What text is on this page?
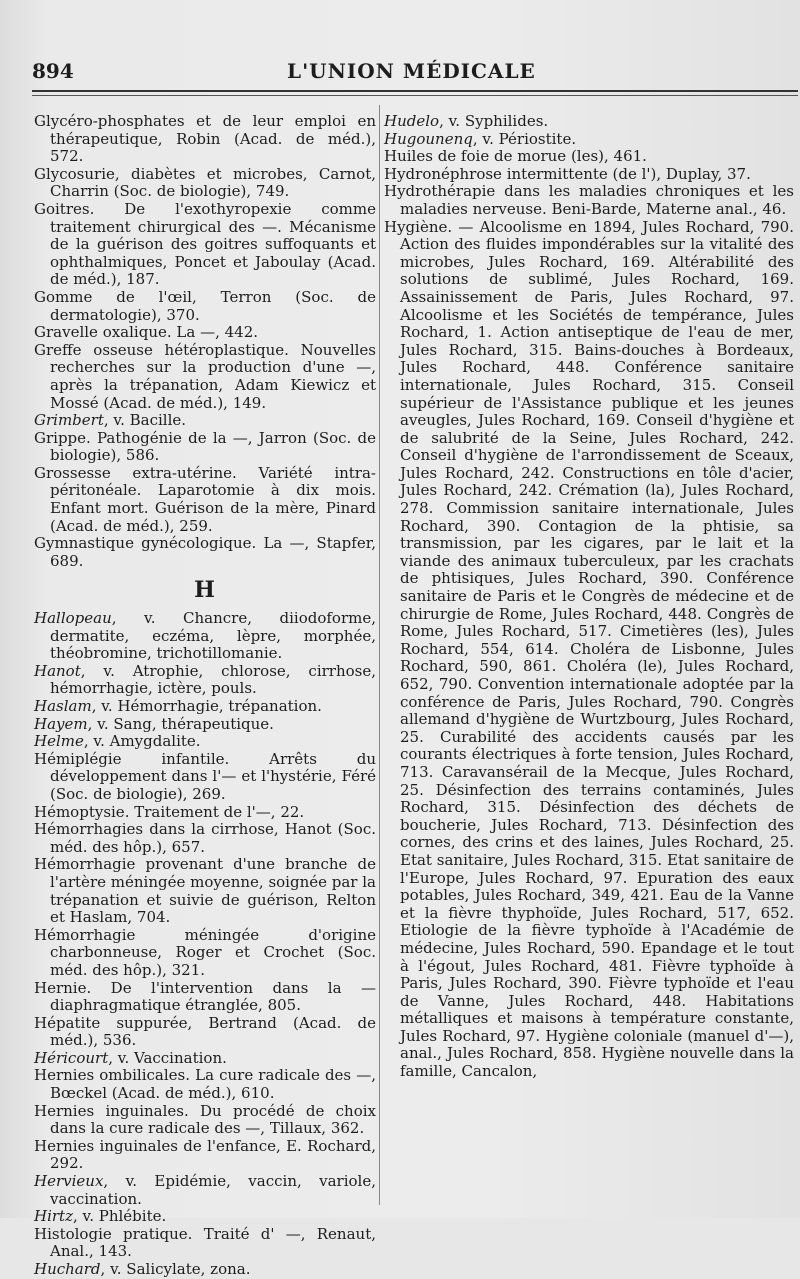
894	L'UNION MÉDICALE

Glycéro-phosphates et de leur emploi en thérapeutique, Robin (Acad. de méd.), 572.

Glycosurie, diabètes et microbes, Carnot, Charrin (Soc. de biologie), 749.

Goitres. De l'exothyropexie comme traitement chirurgical des —. Mécanisme de la guérison des goitres suffoquants et ophthalmiques, Poncet et Jaboulay (Acad. de méd.), 187.

Gomme de l'œil, Terron (Soc. de dermatologie), 370.

Gravelle oxalique. La —, 442.

Greffe osseuse hétéroplastique. Nouvelles recherches sur la production d'une —, après la trépanation, Adam Kiewicz et Mossé (Acad. de méd.), 149.

Grimbert, v. Bacille.

Grippe. Pathogénie de la —, Jarron (Soc. de biologie), 586.

Grossesse extra-utérine. Variété intra-péritonéale. Laparotomie à dix mois. Enfant mort. Guérison de la mère, Pinard (Acad. de méd.), 259.

Gymnastique gynécologique. La —, Stapfer, 689.

H

Hallopeau, v. Chancre, diiodoforme, dermatite, eczéma, lèpre, morphée, théobromine, trichotillomanie.

Hanot, v. Atrophie, chlorose, cirrhose, hémorrhagie, ictère, pouls.

Haslam, v. Hémorrhagie, trépanation.

Hayem, v. Sang, thérapeutique.

Helme, v. Amygdalite.

Hémiplégie infantile. Arrêts du développement dans l'— et l'hystérie, Féré (Soc. de biologie), 269.

Hémoptysie. Traitement de l'—, 22.

Hémorrhagies dans la cirrhose, Hanot (Soc. méd. des hôp.), 657.

Hémorrhagie provenant d'une branche de l'artère méningée moyenne, soignée par la trépanation et suivie de guérison, Relton et Haslam, 704.

Hémorrhagie méningée d'origine charbonneuse, Roger et Crochet (Soc. méd. des hôp.), 321.

Hernie. De l'intervention dans la — diaphragmatique étranglée, 805.

Hépatite suppurée, Bertrand (Acad. de méd.), 536.

Héricourt, v. Vaccination.

Hernies ombilicales. La cure radicale des —, Bœckel (Acad. de méd.), 610.

Hernies inguinales. Du procédé de choix dans la cure radicale des —, Tillaux, 362.

Hernies inguinales de l'enfance, E. Rochard, 292.

Hervieux, v. Epidémie, vaccin, variole, vaccination.

Hirtz, v. Phlébite.

Histologie pratique. Traité d' —, Renaut, Anal., 143.

Huchard, v. Salicylate, zona.

Hudelo, v. Syphilides.

Hugounenq, v. Périostite.

Huiles de foie de morue (les), 461.

Hydronéphrose intermittente (de l'), Duplay, 37.

Hydrothérapie dans les maladies chroniques et les maladies nerveuse. Beni-Barde, Materne anal., 46.

Hygiène. — Alcoolisme en 1894, Jules Rochard, 790. Action des fluides impondérables sur la vitalité des microbes, Jules Rochard, 169. Altérabilité des solutions de sublimé, Jules Rochard, 169. Assainissement de Paris, Jules Rochard, 97. Alcoolisme et les Sociétés de tempérance, Jules Rochard, 1. Action antiseptique de l'eau de mer, Jules Rochard, 315. Bains-douches à Bordeaux, Jules Rochard, 448. Conférence sanitaire internationale, Jules Rochard, 315. Conseil supérieur de l'Assistance publique et les jeunes aveugles, Jules Rochard, 169. Conseil d'hygiène et de salubrité de la Seine, Jules Rochard, 242. Conseil d'hygiène de l'arrondissement de Sceaux, Jules Rochard, 242. Constructions en tôle d'acier, Jules Rochard, 242. Crémation (la), Jules Rochard, 278. Commission sanitaire internationale, Jules Rochard, 390. Contagion de la phtisie, sa transmission, par les cigares, par le lait et la viande des animaux tuberculeux, par les crachats de phtisiques, Jules Rochard, 390. Conférence sanitaire de Paris et le Congrès de médecine et de chirurgie de Rome, Jules Rochard, 448. Congrès de Rome, Jules Rochard, 517. Cimetières (les), Jules Rochard, 554, 614. Choléra de Lisbonne, Jules Rochard, 590, 861. Choléra (le), Jules Rochard, 652, 790. Convention internationale adoptée par la conférence de Paris, Jules Rochard, 790. Congrès allemand d'hygiène de Wurtzbourg, Jules Rochard, 25. Curabilité des accidents causés par les courants électriques à forte tension, Jules Rochard, 713. Caravansérail de la Mecque, Jules Rochard, 25. Désinfection des terrains contaminés, Jules Rochard, 315. Désinfection des déchets de boucherie, Jules Rochard, 713. Désinfection des cornes, des crins et des laines, Jules Rochard, 25. Etat sanitaire, Jules Rochard, 315. Etat sanitaire de l'Europe, Jules Rochard, 97. Epuration des eaux potables, Jules Rochard, 349, 421. Eau de la Vanne et la fièvre thyphoïde, Jules Rochard, 517, 652. Etiologie de la fièvre typhoïde à l'Académie de médecine, Jules Rochard, 590. Epandage et le tout à l'égout, Jules Rochard, 481. Fièvre typhoïde à Paris, Jules Rochard, 390. Fièvre typhoïde et l'eau de Vanne, Jules Rochard, 448. Habitations métalliques et maisons à température constante, Jules Rochard, 97. Hygiène coloniale (manuel d'—), anal., Jules Rochard, 858. Hygiène nouvelle dans la famille, Cancalon,
